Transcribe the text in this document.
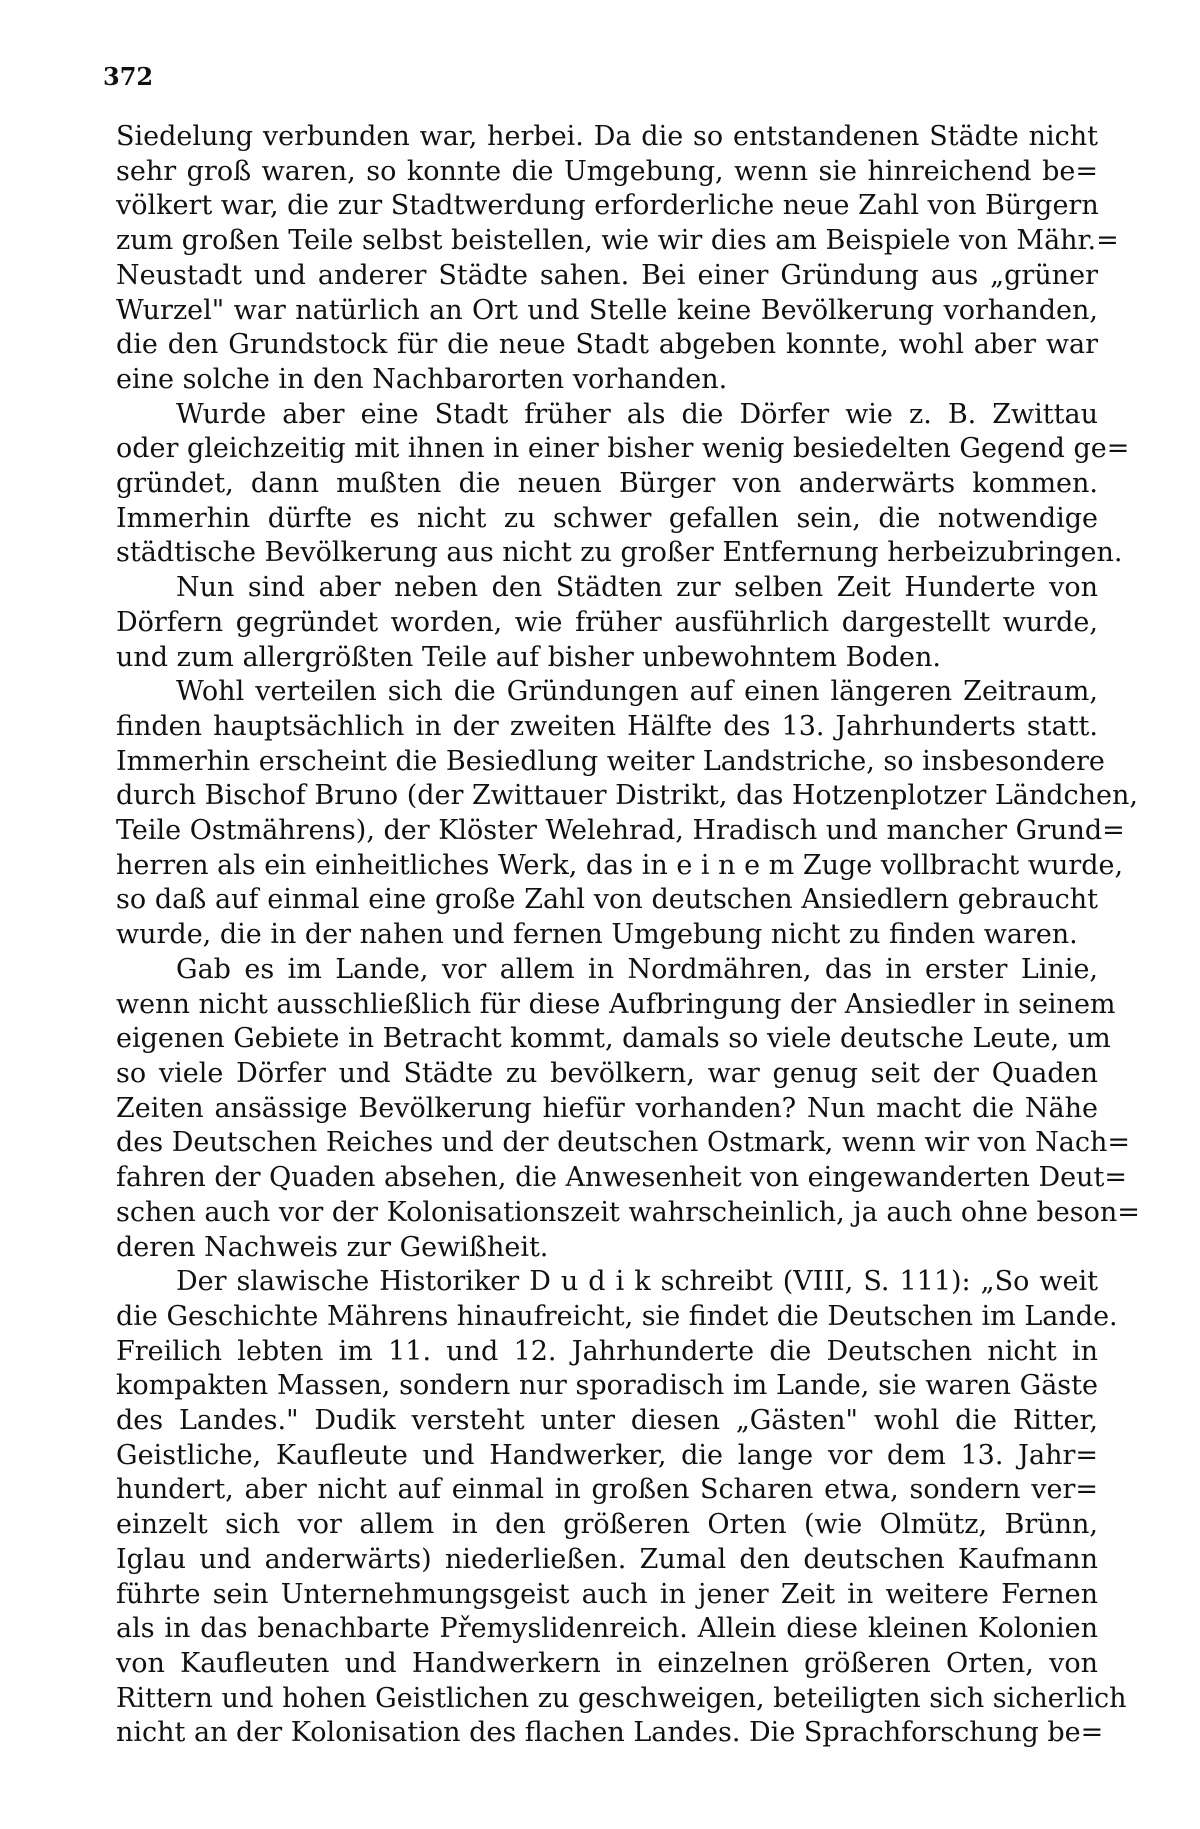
372
Siedelung verbunden war, herbei. Da die so entstandenen Städte nicht
sehr groß waren, so konnte die Umgebung, wenn sie hinreichend be=
völkert war, die zur Stadtwerdung erforderliche neue Zahl von Bürgern
zum großen Teile selbst beistellen, wie wir dies am Beispiele von Mähr.=
Neustadt und anderer Städte sahen. Bei einer Gründung aus „grüner
Wurzel" war natürlich an Ort und Stelle keine Bevölkerung vorhanden,
die den Grundstock für die neue Stadt abgeben konnte, wohl aber war
eine solche in den Nachbarorten vorhanden.
Wurde aber eine Stadt früher als die Dörfer wie z. B. Zwittau
oder gleichzeitig mit ihnen in einer bisher wenig besiedelten Gegend ge=
gründet, dann mußten die neuen Bürger von anderwärts kommen.
Immerhin dürfte es nicht zu schwer gefallen sein, die notwendige
städtische Bevölkerung aus nicht zu großer Entfernung herbeizubringen.
Nun sind aber neben den Städten zur selben Zeit Hunderte von
Dörfern gegründet worden, wie früher ausführlich dargestellt wurde,
und zum allergrößten Teile auf bisher unbewohntem Boden.
Wohl verteilen sich die Gründungen auf einen längeren Zeitraum,
finden hauptsächlich in der zweiten Hälfte des 13. Jahrhunderts statt.
Immerhin erscheint die Besiedlung weiter Landstriche, so insbesondere
durch Bischof Bruno (der Zwittauer Distrikt, das Hotzenplotzer Ländchen,
Teile Ostmährens), der Klöster Welehrad, Hradisch und mancher Grund=
herren als ein einheitliches Werk, das in e i n e m Zuge vollbracht wurde,
so daß auf einmal eine große Zahl von deutschen Ansiedlern gebraucht
wurde, die in der nahen und fernen Umgebung nicht zu finden waren.
Gab es im Lande, vor allem in Nordmähren, das in erster Linie,
wenn nicht ausschließlich für diese Aufbringung der Ansiedler in seinem
eigenen Gebiete in Betracht kommt, damals so viele deutsche Leute, um
so viele Dörfer und Städte zu bevölkern, war genug seit der Quaden
Zeiten ansässige Bevölkerung hiefür vorhanden? Nun macht die Nähe
des Deutschen Reiches und der deutschen Ostmark, wenn wir von Nach=
fahren der Quaden absehen, die Anwesenheit von eingewanderten Deut=
schen auch vor der Kolonisationszeit wahrscheinlich, ja auch ohne beson=
deren Nachweis zur Gewißheit.
Der slawische Historiker D u d i k schreibt (VIII, S. 111): „So weit
die Geschichte Mährens hinaufreicht, sie findet die Deutschen im Lande.
Freilich lebten im 11. und 12. Jahrhunderte die Deutschen nicht in
kompakten Massen, sondern nur sporadisch im Lande, sie waren Gäste
des Landes." Dudik versteht unter diesen „Gästen" wohl die Ritter,
Geistliche, Kaufleute und Handwerker, die lange vor dem 13. Jahr=
hundert, aber nicht auf einmal in großen Scharen etwa, sondern ver=
einzelt sich vor allem in den größeren Orten (wie Olmütz, Brünn,
Iglau und anderwärts) niederließen. Zumal den deutschen Kaufmann
führte sein Unternehmungsgeist auch in jener Zeit in weitere Fernen
als in das benachbarte Přemyslidenreich. Allein diese kleinen Kolonien
von Kaufleuten und Handwerkern in einzelnen größeren Orten, von
Rittern und hohen Geistlichen zu geschweigen, beteiligten sich sicherlich
nicht an der Kolonisation des flachen Landes. Die Sprachforschung be=
